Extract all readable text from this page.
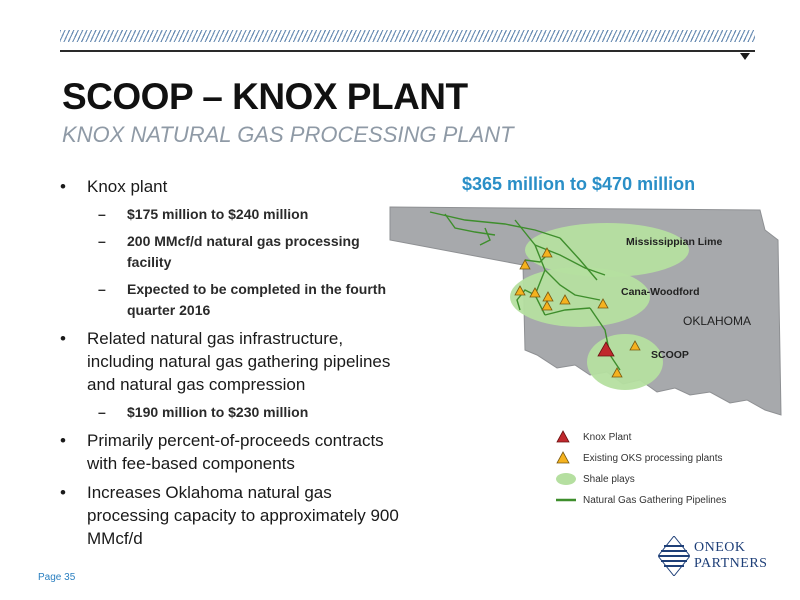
SCOOP – KNOX PLANT
KNOX NATURAL GAS PROCESSING PLANT
• Knox plant
– $175 million to $240 million
– 200 MMcf/d natural gas processing facility
– Expected to be completed in the fourth quarter 2016
• Related natural gas infrastructure, including natural gas gathering pipelines and natural gas compression
– $190 million to $230 million
• Primarily percent-of-proceeds contracts with fee-based components
• Increases Oklahoma natural gas processing capacity to approximately 900 MMcf/d
$365 million to $470 million
Mississippian Lime
Cana-Woodford
OKLAHOMA
SCOOP
Knox Plant
Existing OKS processing plants
Shale plays
Natural Gas Gathering Pipelines
Page 35
ONEOK
PARTNERS
